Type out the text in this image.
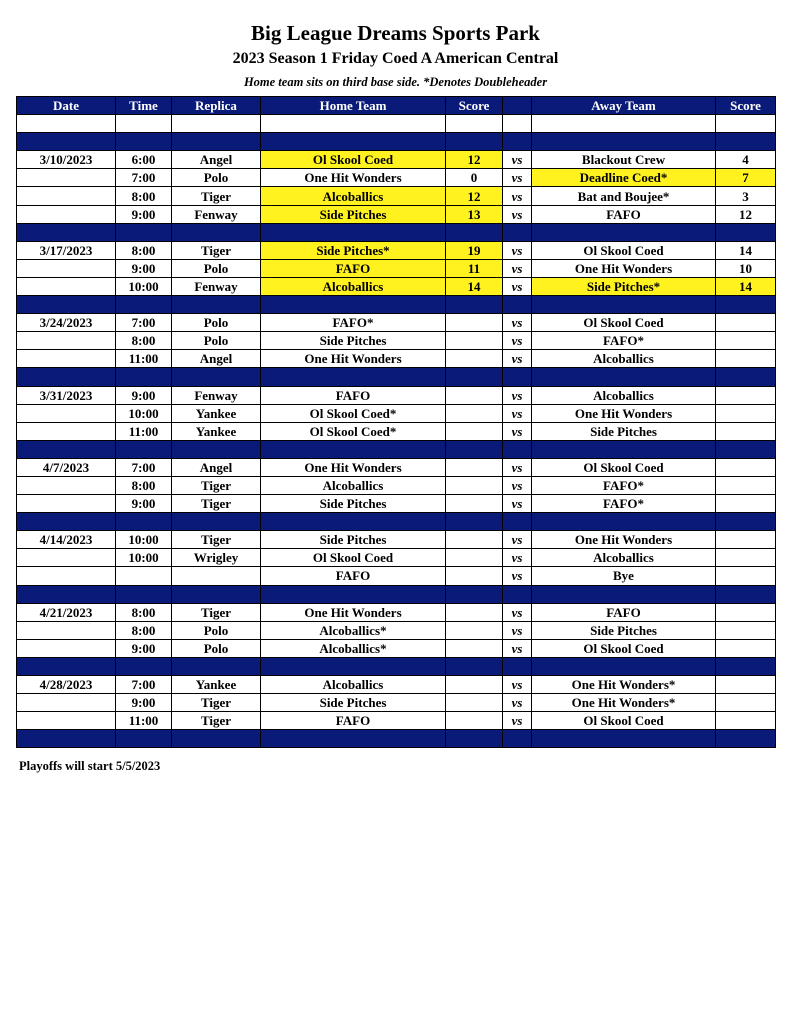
Big League Dreams Sports Park
2023 Season 1 Friday Coed A American Central
Home team sits on third base side. *Denotes Doubleheader
Date	Time	Replica	Home Team	Score		Away Team	Score

3/10/2023	6:00	Angel	Ol Skool Coed	12	vs	Blackout Crew	4
	7:00	Polo	One Hit Wonders	0	vs	Deadline Coed*	7
	8:00	Tiger	Alcoballics	12	vs	Bat and Boujee*	3
	9:00	Fenway	Side Pitches	13	vs	FAFO	12

3/17/2023	8:00	Tiger	Side Pitches*	19	vs	Ol Skool Coed	14
	9:00	Polo	FAFO	11	vs	One Hit Wonders	10
	10:00	Fenway	Alcoballics	14	vs	Side Pitches*	14

3/24/2023	7:00	Polo	FAFO*		vs	Ol Skool Coed	
	8:00	Polo	Side Pitches		vs	FAFO*	
	11:00	Angel	One Hit Wonders		vs	Alcoballics	

3/31/2023	9:00	Fenway	FAFO		vs	Alcoballics	
	10:00	Yankee	Ol Skool Coed*		vs	One Hit Wonders	
	11:00	Yankee	Ol Skool Coed*		vs	Side Pitches	

4/7/2023	7:00	Angel	One Hit Wonders		vs	Ol Skool Coed	
	8:00	Tiger	Alcoballics		vs	FAFO*	
	9:00	Tiger	Side Pitches		vs	FAFO*	

4/14/2023	10:00	Tiger	Side Pitches		vs	One Hit Wonders	
	10:00	Wrigley	Ol Skool Coed		vs	Alcoballics	
			FAFO		vs	Bye	

4/21/2023	8:00	Tiger	One Hit Wonders		vs	FAFO	
	8:00	Polo	Alcoballics*		vs	Side Pitches	
	9:00	Polo	Alcoballics*		vs	Ol Skool Coed	

4/28/2023	7:00	Yankee	Alcoballics		vs	One Hit Wonders*	
	9:00	Tiger	Side Pitches		vs	One Hit Wonders*	
	11:00	Tiger	FAFO		vs	Ol Skool Coed	

Playoffs will start 5/5/2023
